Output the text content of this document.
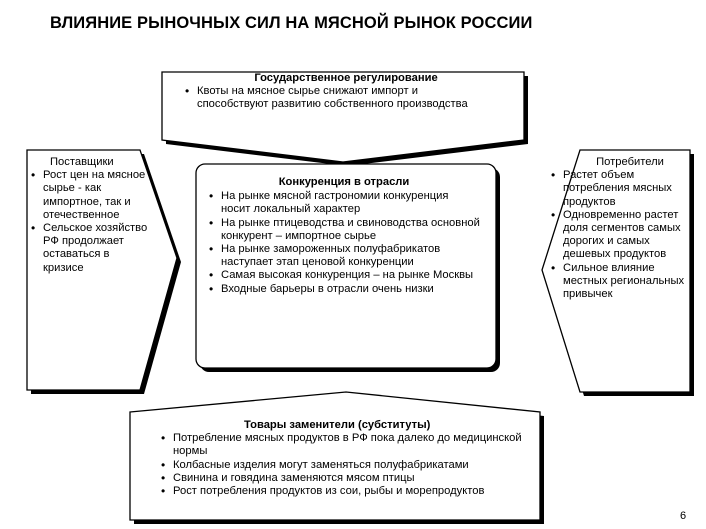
ВЛИЯНИЕ РЫНОЧНЫХ СИЛ НА МЯСНОЙ РЫНОК РОССИИ
Государственное регулирование
• Квоты на мясное сырье снижают импорт и способствуют развитию собственного производства
Поставщики
• Рост цен на мясное сырье - как импортное, так и отечественное
• Сельское хозяйство РФ продолжает оставаться в кризисе
Конкуренция в отрасли
• На рынке мясной гастрономии конкуренция носит локальный характер
• На рынке птицеводства и свиноводства основной конкурент – импортное сырье
• На рынке замороженных полуфабрикатов наступает этап ценовой конкуренции
• Самая высокая конкуренция – на рынке Москвы
• Входные барьеры в отрасли очень низки
Потребители
• Растет объем потребления мясных продуктов
• Одновременно растет доля сегментов самых дорогих и самых дешевых продуктов
• Сильное влияние местных региональных привычек
Товары заменители (субституты)
• Потребление мясных продуктов в РФ пока далеко до медицинской нормы
• Колбасные изделия могут заменяться полуфабрикатами
• Свинина и говядина заменяются мясом птицы
• Рост потребления продуктов из сои, рыбы и морепродуктов
6
